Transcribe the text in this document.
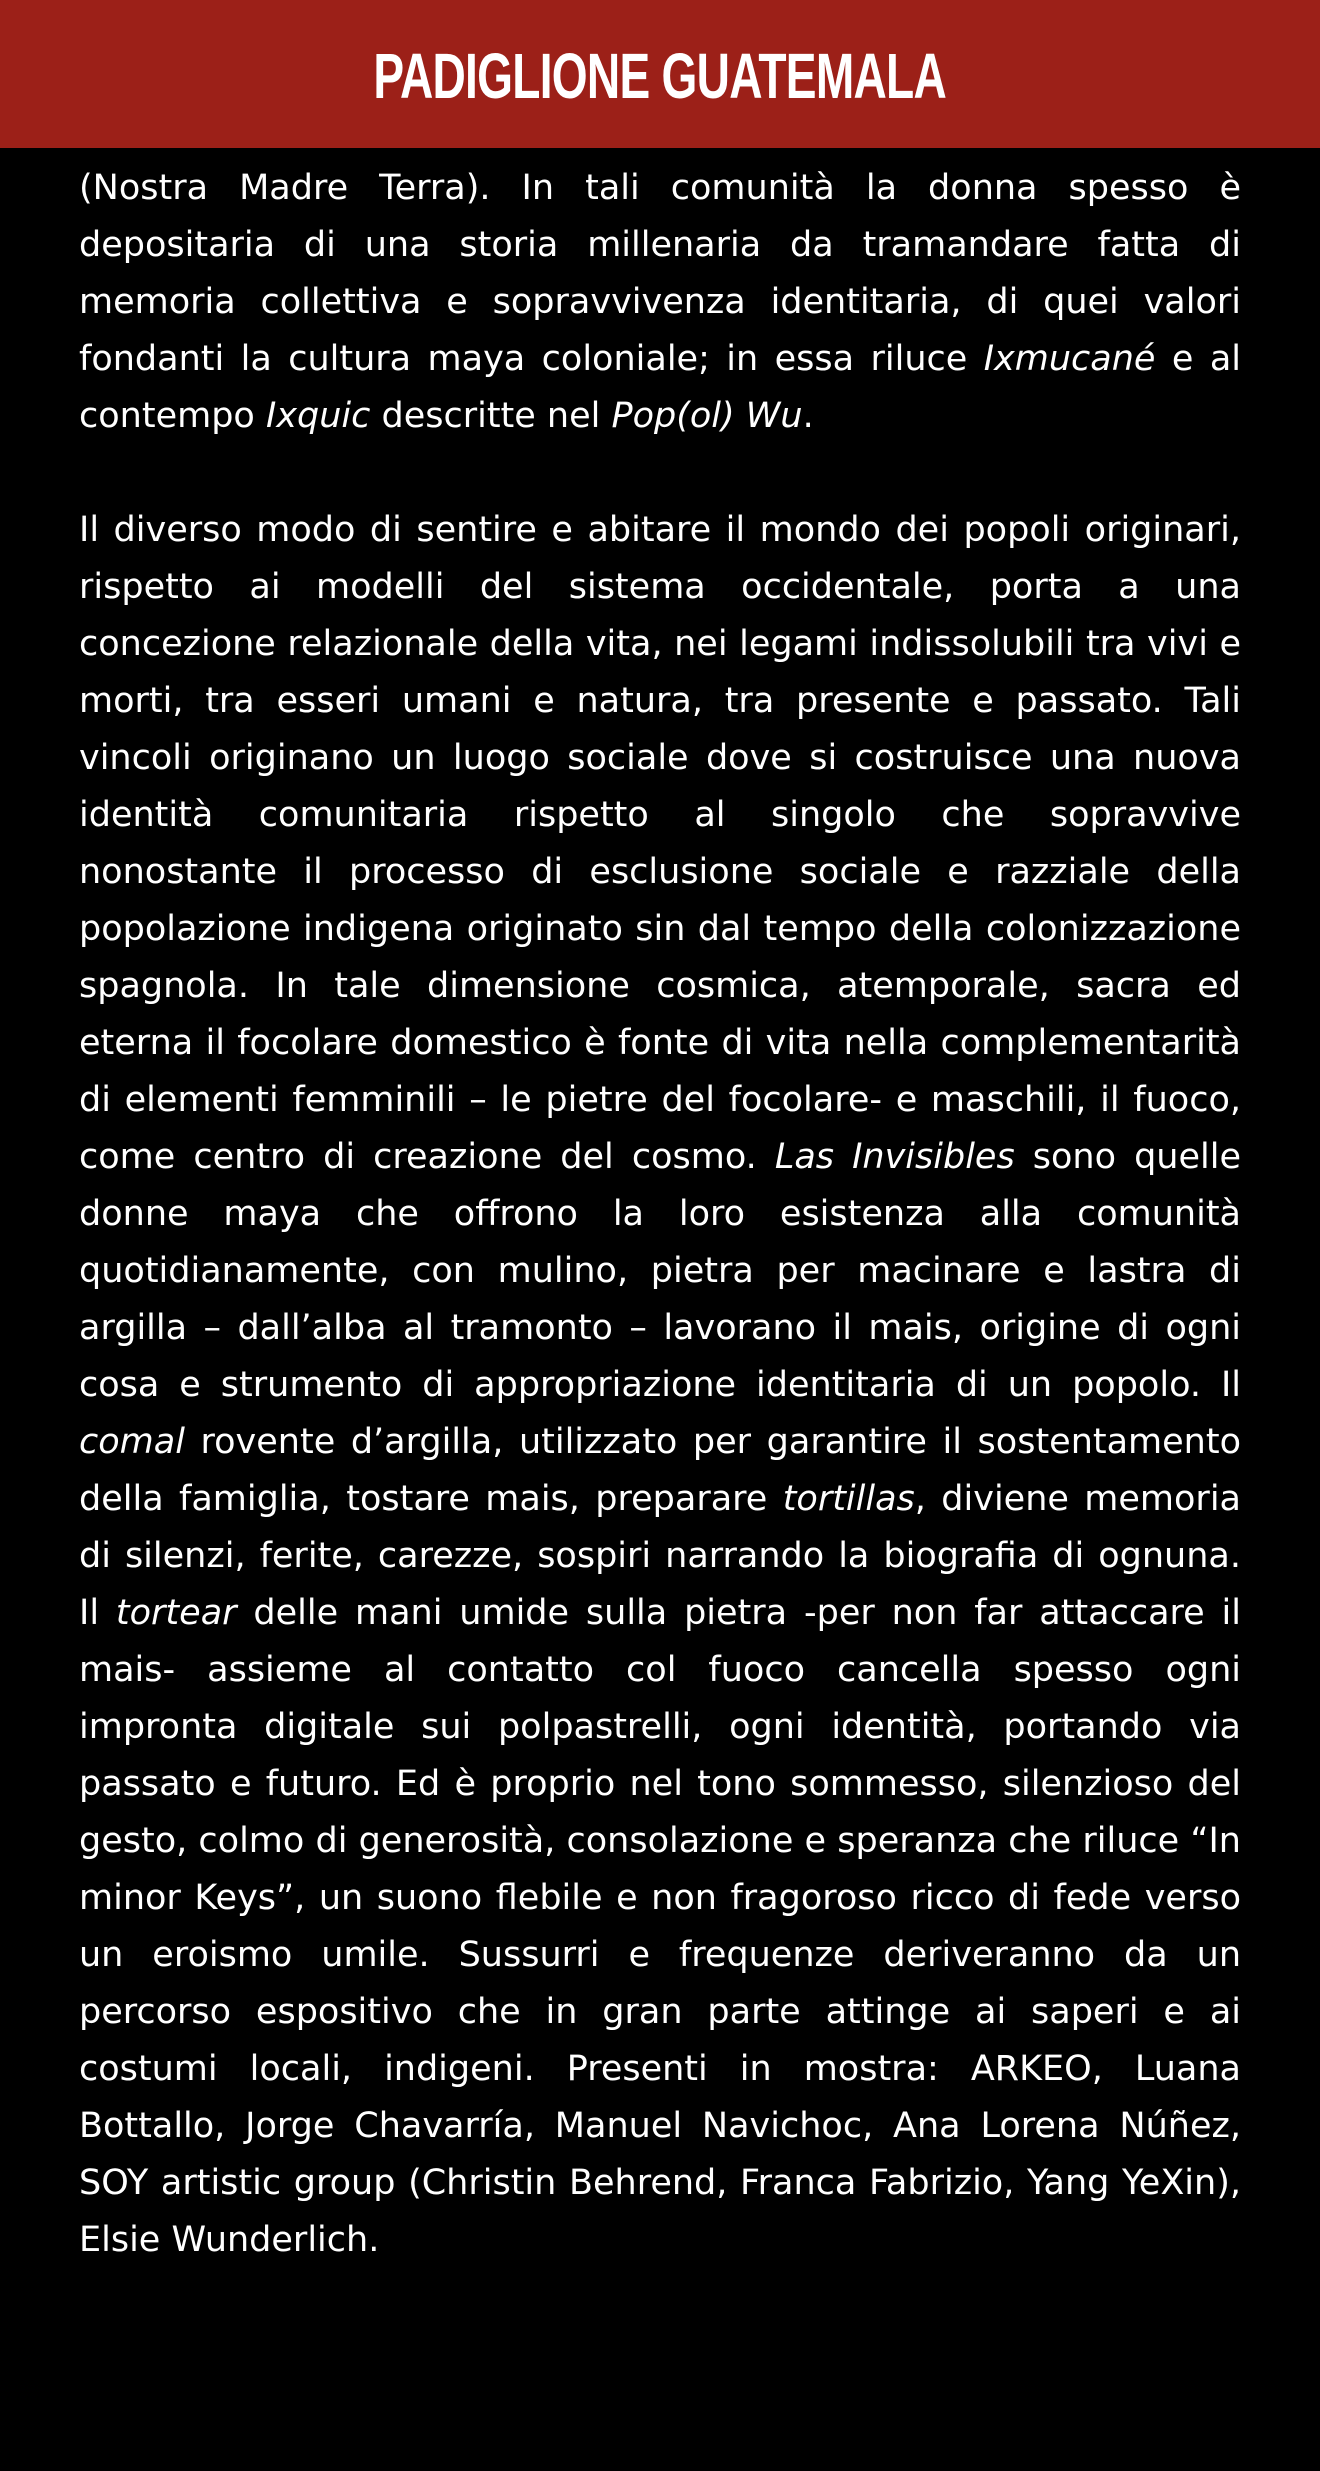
PADIGLIONE GUATEMALA

(Nostra Madre Terra). In tali comunità la donna spesso è depositaria di una storia millenaria da tramandare fatta di memoria collettiva e sopravvivenza identitaria, di quei valori fondanti la cultura maya coloniale; in essa riluce Ixmucané e al contempo Ixquic descritte nel Pop(ol) Wu.

Il diverso modo di sentire e abitare il mondo dei popoli originari, rispetto ai modelli del sistema occidentale, porta a una concezione relazionale della vita, nei legami indissolubili tra vivi e morti, tra esseri umani e natura, tra presente e passato. Tali vincoli originano un luogo sociale dove si costruisce una nuova identità comunitaria rispetto al singolo che sopravvive nonostante il processo di esclusione sociale e razziale della popolazione indigena originato sin dal tempo della colonizzazione spagnola. In tale dimensione cosmica, atemporale, sacra ed eterna il focolare domestico è fonte di vita nella complementarità di elementi femminili – le pietre del focolare- e maschili, il fuoco, come centro di creazione del cosmo. Las Invisibles sono quelle donne maya che offrono la loro esistenza alla comunità quotidianamente, con mulino, pietra per macinare e lastra di argilla – dall’alba al tramonto – lavorano il mais, origine di ogni cosa e strumento di appropriazione identitaria di un popolo. Il comal rovente d’argilla, utilizzato per garantire il sostentamento della famiglia, tostare mais, preparare tortillas, diviene memoria di silenzi, ferite, carezze, sospiri narrando la biografia di ognuna. Il tortear delle mani umide sulla pietra -per non far attaccare il mais- assieme al contatto col fuoco cancella spesso ogni impronta digitale sui polpastrelli, ogni identità, portando via passato e futuro. Ed è proprio nel tono sommesso, silenzioso del gesto, colmo di generosità, consolazione e speranza che riluce “In minor Keys”, un suono flebile e non fragoroso ricco di fede verso un eroismo umile. Sussurri e frequenze deriveranno da un percorso espositivo che in gran parte attinge ai saperi e ai costumi locali, indigeni. Presenti in mostra: ARKEO, Luana Bottallo, Jorge Chavarría, Manuel Navichoc, Ana Lorena Núñez, SOY artistic group (Christin Behrend, Franca Fabrizio, Yang YeXin), Elsie Wunderlich.
